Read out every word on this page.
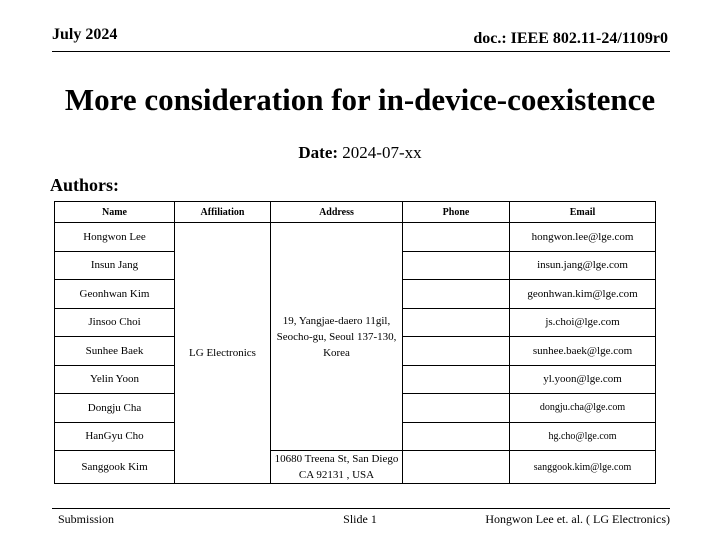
July 2024	doc.: IEEE 802.11-24/1109r0
More consideration for in-device-coexistence
Date: 2024-07-xx
Authors:
Name	Affiliation	Address	Phone	Email
Hongwon Lee	LG Electronics	19, Yangjae-daero 11gil, Seocho-gu, Seoul 137-130, Korea		hongwon.lee@lge.com
Insun Jang				insun.jang@lge.com
Geonhwan Kim				geonhwan.kim@lge.com
Jinsoo Choi				js.choi@lge.com
Sunhee Baek				sunhee.baek@lge.com
Yelin Yoon				yl.yoon@lge.com
Dongju Cha				dongju.cha@lge.com
HanGyu Cho				hg.cho@lge.com
Sanggook Kim		10680 Treena St, San Diego CA 92131 , USA		sanggook.kim@lge.com
Submission	Slide 1	Hongwon Lee et. al. ( LG Electronics)
